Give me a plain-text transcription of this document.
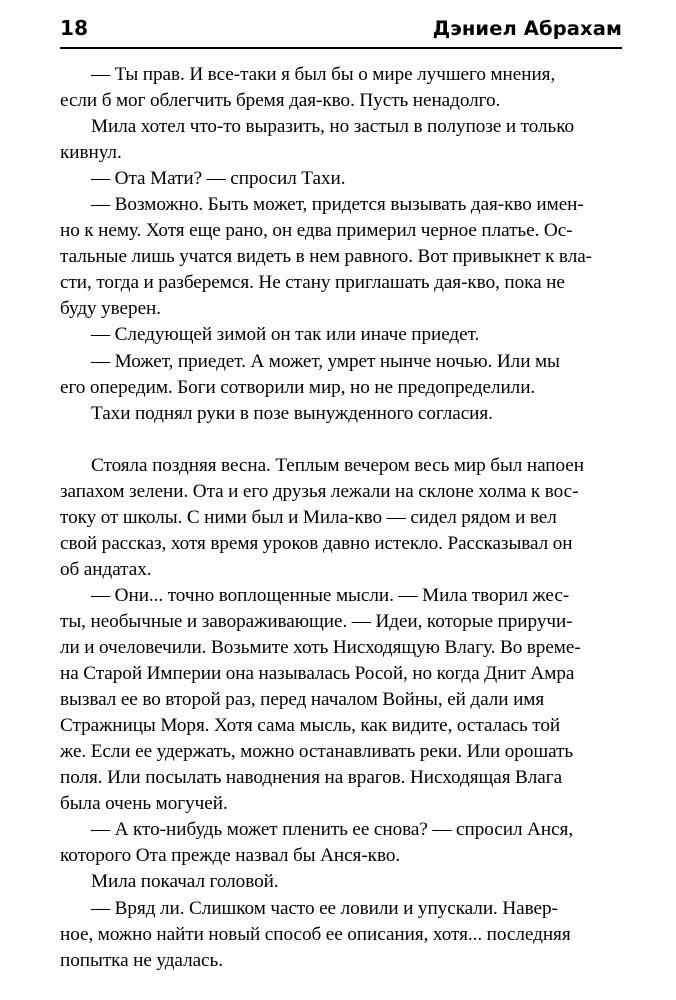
18	Дэниел Абрахам

— Ты прав. И все-таки я был бы о мире лучшего мнения,
если б мог облегчить бремя дая-кво. Пусть ненадолго.

Мила хотел что-то выразить, но застыл в полупозе и только
кивнул.

— Ота Мати? — спросил Тахи.

— Возможно. Быть может, придется вызывать дая-кво имен-
но к нему. Хотя еще рано, он едва примерил черное платье. Ос-
тальные лишь учатся видеть в нем равного. Вот привыкнет к вла-
сти, тогда и разберемся. Не стану приглашать дая-кво, пока не
буду уверен.

— Следующей зимой он так или иначе приедет.

— Может, приедет. А может, умрет нынче ночью. Или мы
его опередим. Боги сотворили мир, но не предопределили.

Тахи поднял руки в позе вынужденного согласия.

Стояла поздняя весна. Теплым вечером весь мир был напоен
запахом зелени. Ота и его друзья лежали на склоне холма к вос-
току от школы. С ними был и Мила-кво — сидел рядом и вел
свой рассказ, хотя время уроков давно истекло. Рассказывал он
об андатах.

— Они... точно воплощенные мысли. — Мила творил жес-
ты, необычные и завораживающие. — Идеи, которые приручи-
ли и очеловечили. Возьмите хоть Нисходящую Влагу. Во време-
на Старой Империи она называлась Росой, но когда Днит Амра
вызвал ее во второй раз, перед началом Войны, ей дали имя
Стражницы Моря. Хотя сама мысль, как видите, осталась той
же. Если ее удержать, можно останавливать реки. Или орошать
поля. Или посылать наводнения на врагов. Нисходящая Влага
была очень могучей.

— А кто-нибудь может пленить ее снова? — спросил Анся,
которого Ота прежде назвал бы Анся-кво.

Мила покачал головой.

— Вряд ли. Слишком часто ее ловили и упускали. Навер-
ное, можно найти новый способ ее описания, хотя... последняя
попытка не удалась.
